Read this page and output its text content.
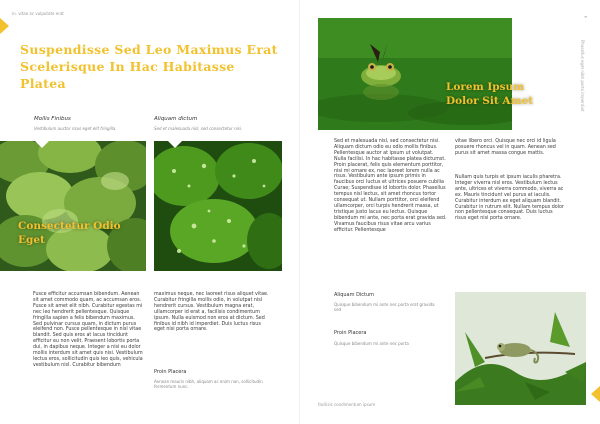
in. vitae ac vulputate erat
Suspendisse Sed Leo Maximus Erat Scelerisque In Hac Habitasse Platea
Mollis Finibus
Vestibulum auctor risus eget elit fringilla.
Aliquam dictum
Sed et malesuada nisl, sed consectetur nisi.
Consectetur Odio Eget

Fusce efficitur accumsan bibendum. Aenean sit amet commodo quam, ac accumsan eros. Fusce sit amet elit nibh. Curabitur egestas mi nec leo hendrerit pellentesque. Quisque fringilla sapien a felis bibendum maximus. Sed pulvinar cursus quam, in dictum purus eleifend non. Fusce pellentesque in nisl vitae blandit. Sed quis eros at lacus tincidunt efficitur eu non velit. Praesent lobortis porta dui, in dapibus neque. Integer a nisi eu dolor mollis interdum sit amet quis nisi. Vestibulum lectus eros, sollicitudin quis leo quis, vehicula vestibulum nisl. Curabitur bibendum

maximus neque, nec laoreet risus aliquet vitae. Curabitur fringilla mollis odio, in volutpat nisl hendrerit cursus. Vestibulum magna erat, ullamcorper id erat a, facilisis condimentum ipsum. Nulla euismod non eros at dictum. Sed finibus id nibh id imperdiet. Duis luctus risus eget nisi porta ornare.

Proin Placera
Aenean mauris nibh, aliquam ac enim non, sollicitudin fermentum nunc.
≡
Phasellus eget nibh porta imperdiet
Lorem Ipsum Dolor Sit Amet

Sed et malesuada nisl, sed consectetur nisi. Aliquam dictum odio eu odio mollis finibus. Pellentesque auctor at ipsum ut volutpat. Nulla facilisi. In hac habitasse platea dictumst. Proin placerat, felis quis elementum porttitor, nisi mi ornare ex, nec laoreet lorem nulla ac risus. Vestibulum ante ipsum primis in faucibus orci luctus et ultrices posuere cubilia Curae; Suspendisse id lobortis dolor. Phasellus tempus nisl lectus, sit amet rhoncus tortor consequat ut. Nullam porttitor, orci eleifend ullamcorper, orci turpis hendrerit massa, ut tristique justo lacus eu lectus. Quisque bibendum mi ante, nec porta erat gravida sed. Vivamus faucibus risus vitae arcu varius efficitur. Pellentesque

vitae libero orci. Quisque nec orci id ligula posuere rhoncus vel in quam. Aenean sed purus sit amet massa congue mattis.

Nullam quis turpis et ipsum iaculis pharetra. Integer viverra nisl eros. Vestibulum lectus ante, ultrices et viverra commodo, viverra ac ex. Mauris tincidunt vel purus at iaculis. Curabitur interdum ex eget aliquam blandit. Curabitur in rutrum elit. Nullam tempus dolor non pellentesque consequat. Duis luctus risus eget nisi porta ornare.

Aliquam Dictum
Quisque bibendum mi ante nec porta erat gravida sed
Proin Placera
Quisque bibendum mi ante nec porta
facilisis condimentum ipsum
